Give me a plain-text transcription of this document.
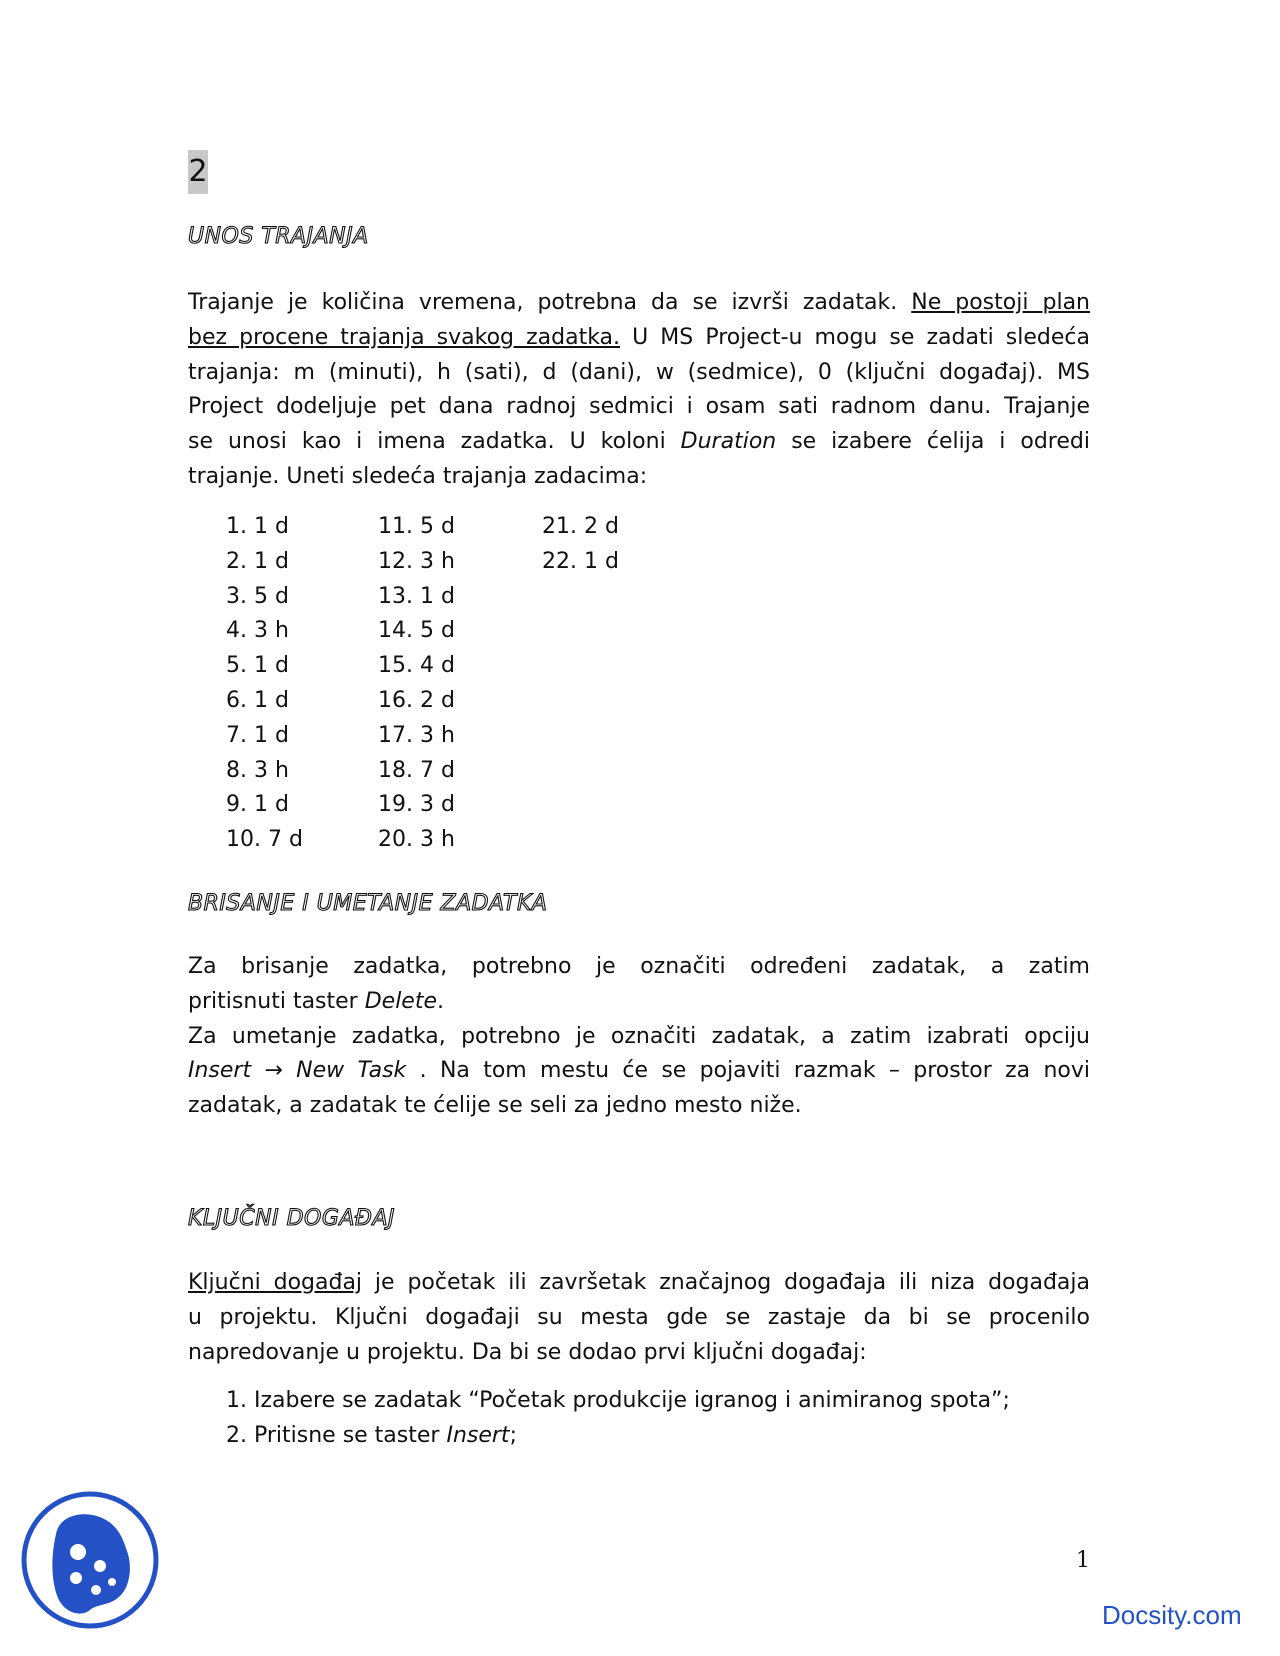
2
UNOS TRAJANJA
Trajanje je količina vremena, potrebna da se izvrši zadatak. Ne postoji plan
bez procene trajanja svakog zadatka. U MS Project-u mogu se zadati sledeća
trajanja: m (minuti), h (sati), d (dani), w (sedmice), 0 (ključni događaj). MS
Project dodeljuje pet dana radnoj sedmici i osam sati radnom danu. Trajanje
se unosi kao i imena zadatka. U koloni Duration se izabere ćelija i odredi
trajanje. Uneti sledeća trajanja zadacima:
1. 1 d	11. 5 d	21. 2 d
2. 1 d	12. 3 h	22. 1 d
3. 5 d	13. 1 d
4. 3 h	14. 5 d
5. 1 d	15. 4 d
6. 1 d	16. 2 d
7. 1 d	17. 3 h
8. 3 h	18. 7 d
9. 1 d	19. 3 d
10. 7 d	20. 3 h
BRISANJE I UMETANJE ZADATKA
Za brisanje zadatka, potrebno je označiti određeni zadatak, a zatim
pritisnuti taster Delete.
Za umetanje zadatka, potrebno je označiti zadatak, a zatim izabrati opciju
Insert → New Task . Na tom mestu će se pojaviti razmak – prostor za novi
zadatak, a zadatak te ćelije se seli za jedno mesto niže.
KLJUČNI DOGAĐAJ
Ključni događaj je početak ili završetak značajnog događaja ili niza događaja
u projektu. Ključni događaji su mesta gde se zastaje da bi se procenilo
napredovanje u projektu. Da bi se dodao prvi ključni događaj:
1. Izabere se zadatak “Početak produkcije igranog i animiranog spota”;
2. Pritisne se taster Insert;
1
Docsity.com
